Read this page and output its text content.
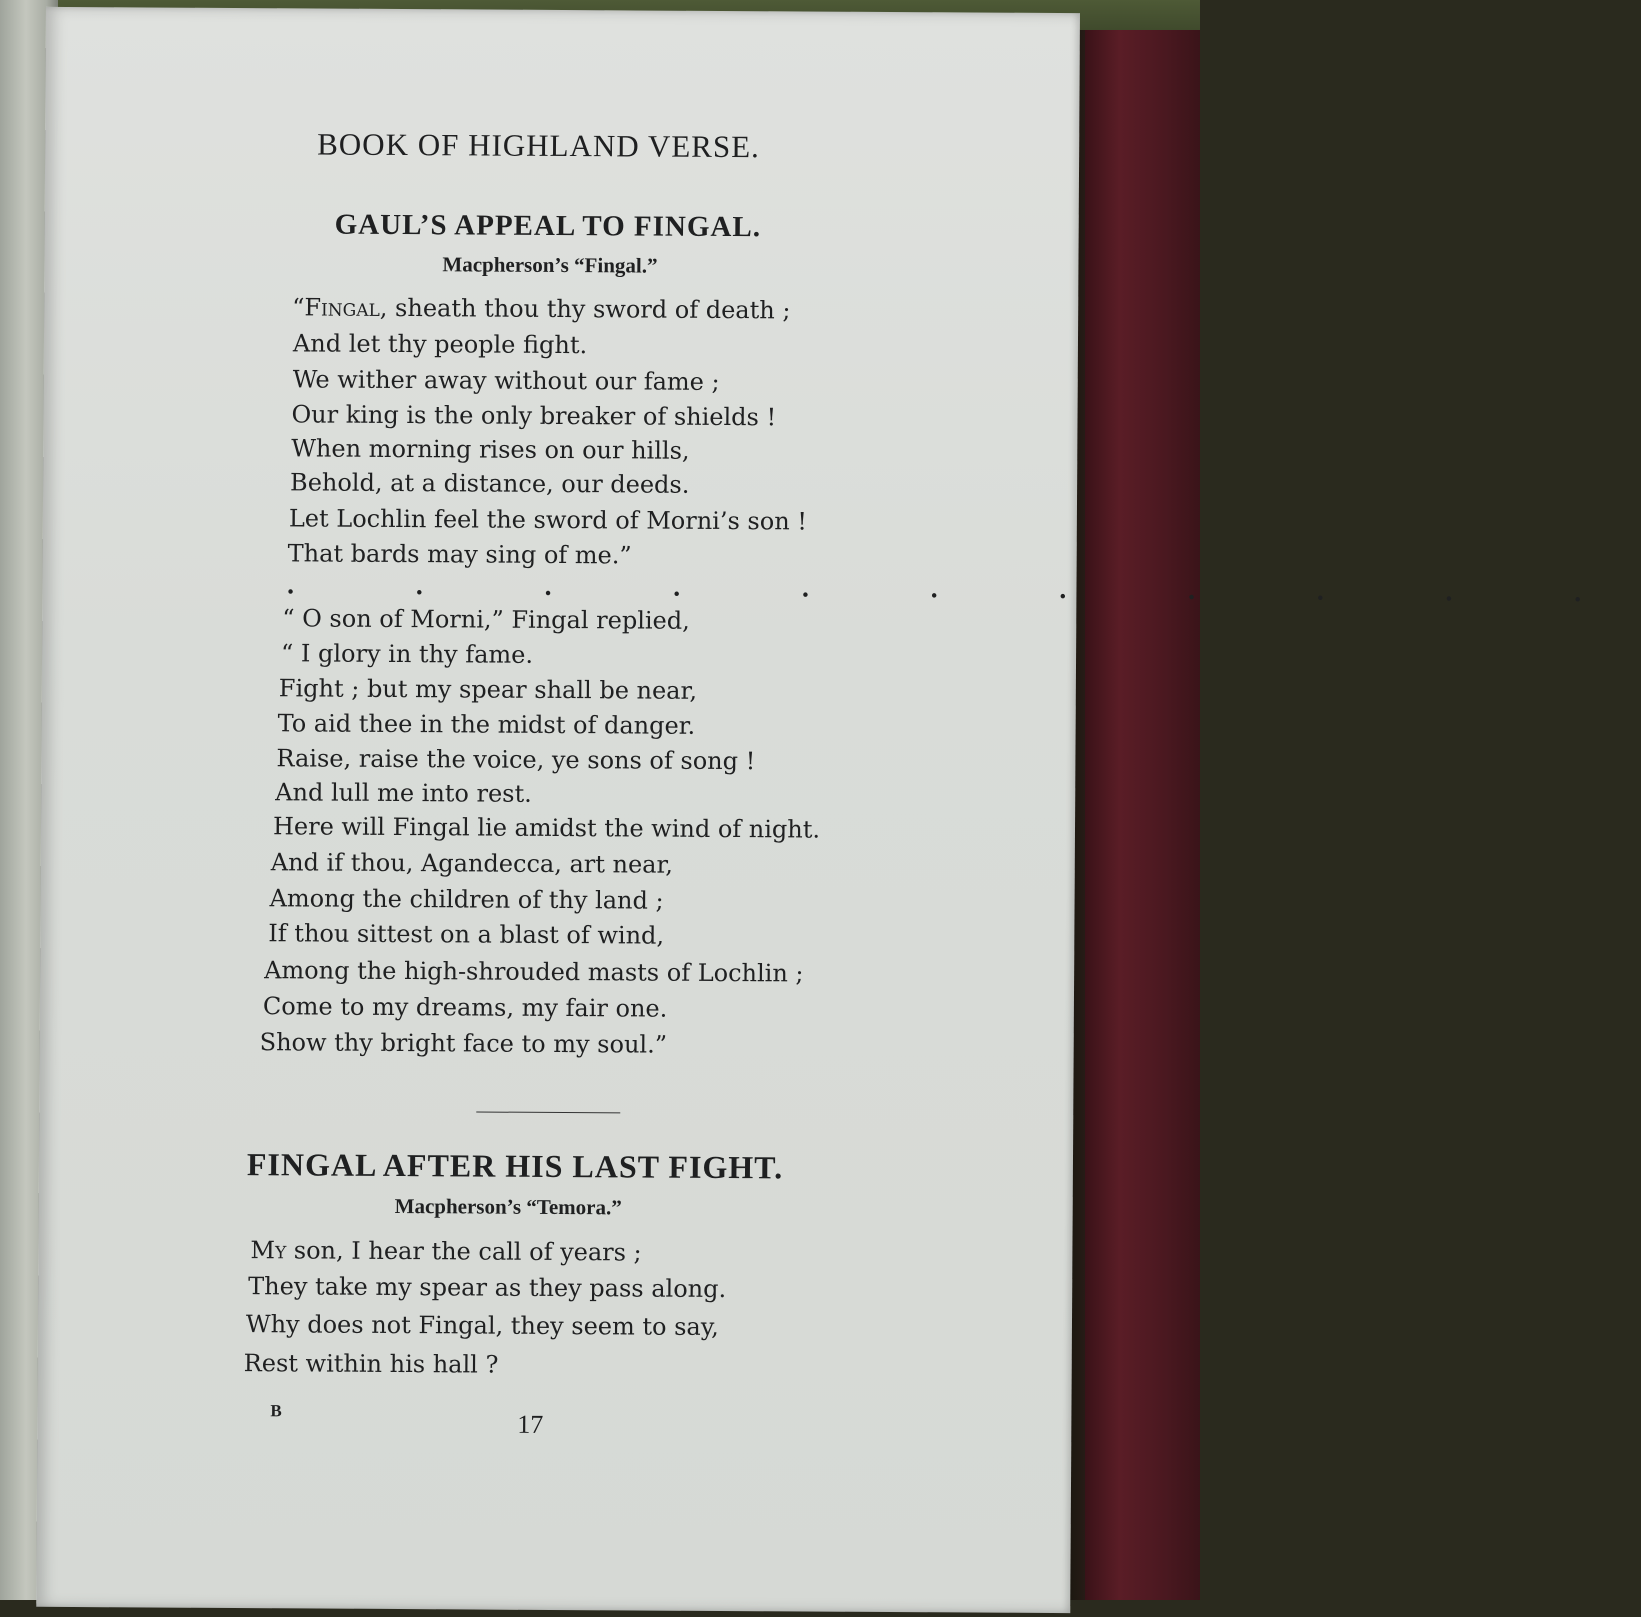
BOOK OF HIGHLAND VERSE.
GAUL’S APPEAL TO FINGAL.
Macpherson’s “Fingal.”
“Fingal, sheath thou thy sword of death ;
And let thy people fight.
We wither away without our fame ;
Our king is the only breaker of shields !
When morning rises on our hills,
Behold, at a distance, our deeds.
Let Lochlin feel the sword of Morni’s son !
That bards may sing of me.”
. . . . . . . . . . .
“ O son of Morni,” Fingal replied,
“ I glory in thy fame.
Fight ; but my spear shall be near,
To aid thee in the midst of danger.
Raise, raise the voice, ye sons of song !
And lull me into rest.
Here will Fingal lie amidst the wind of night.
And if thou, Agandecca, art near,
Among the children of thy land ;
If thou sittest on a blast of wind,
Among the high-shrouded masts of Lochlin ;
Come to my dreams, my fair one.
Show thy bright face to my soul.”
FINGAL AFTER HIS LAST FIGHT.
Macpherson’s “Temora.”
My son, I hear the call of years ;
They take my spear as they pass along.
Why does not Fingal, they seem to say,
Rest within his hall ?
B	17
